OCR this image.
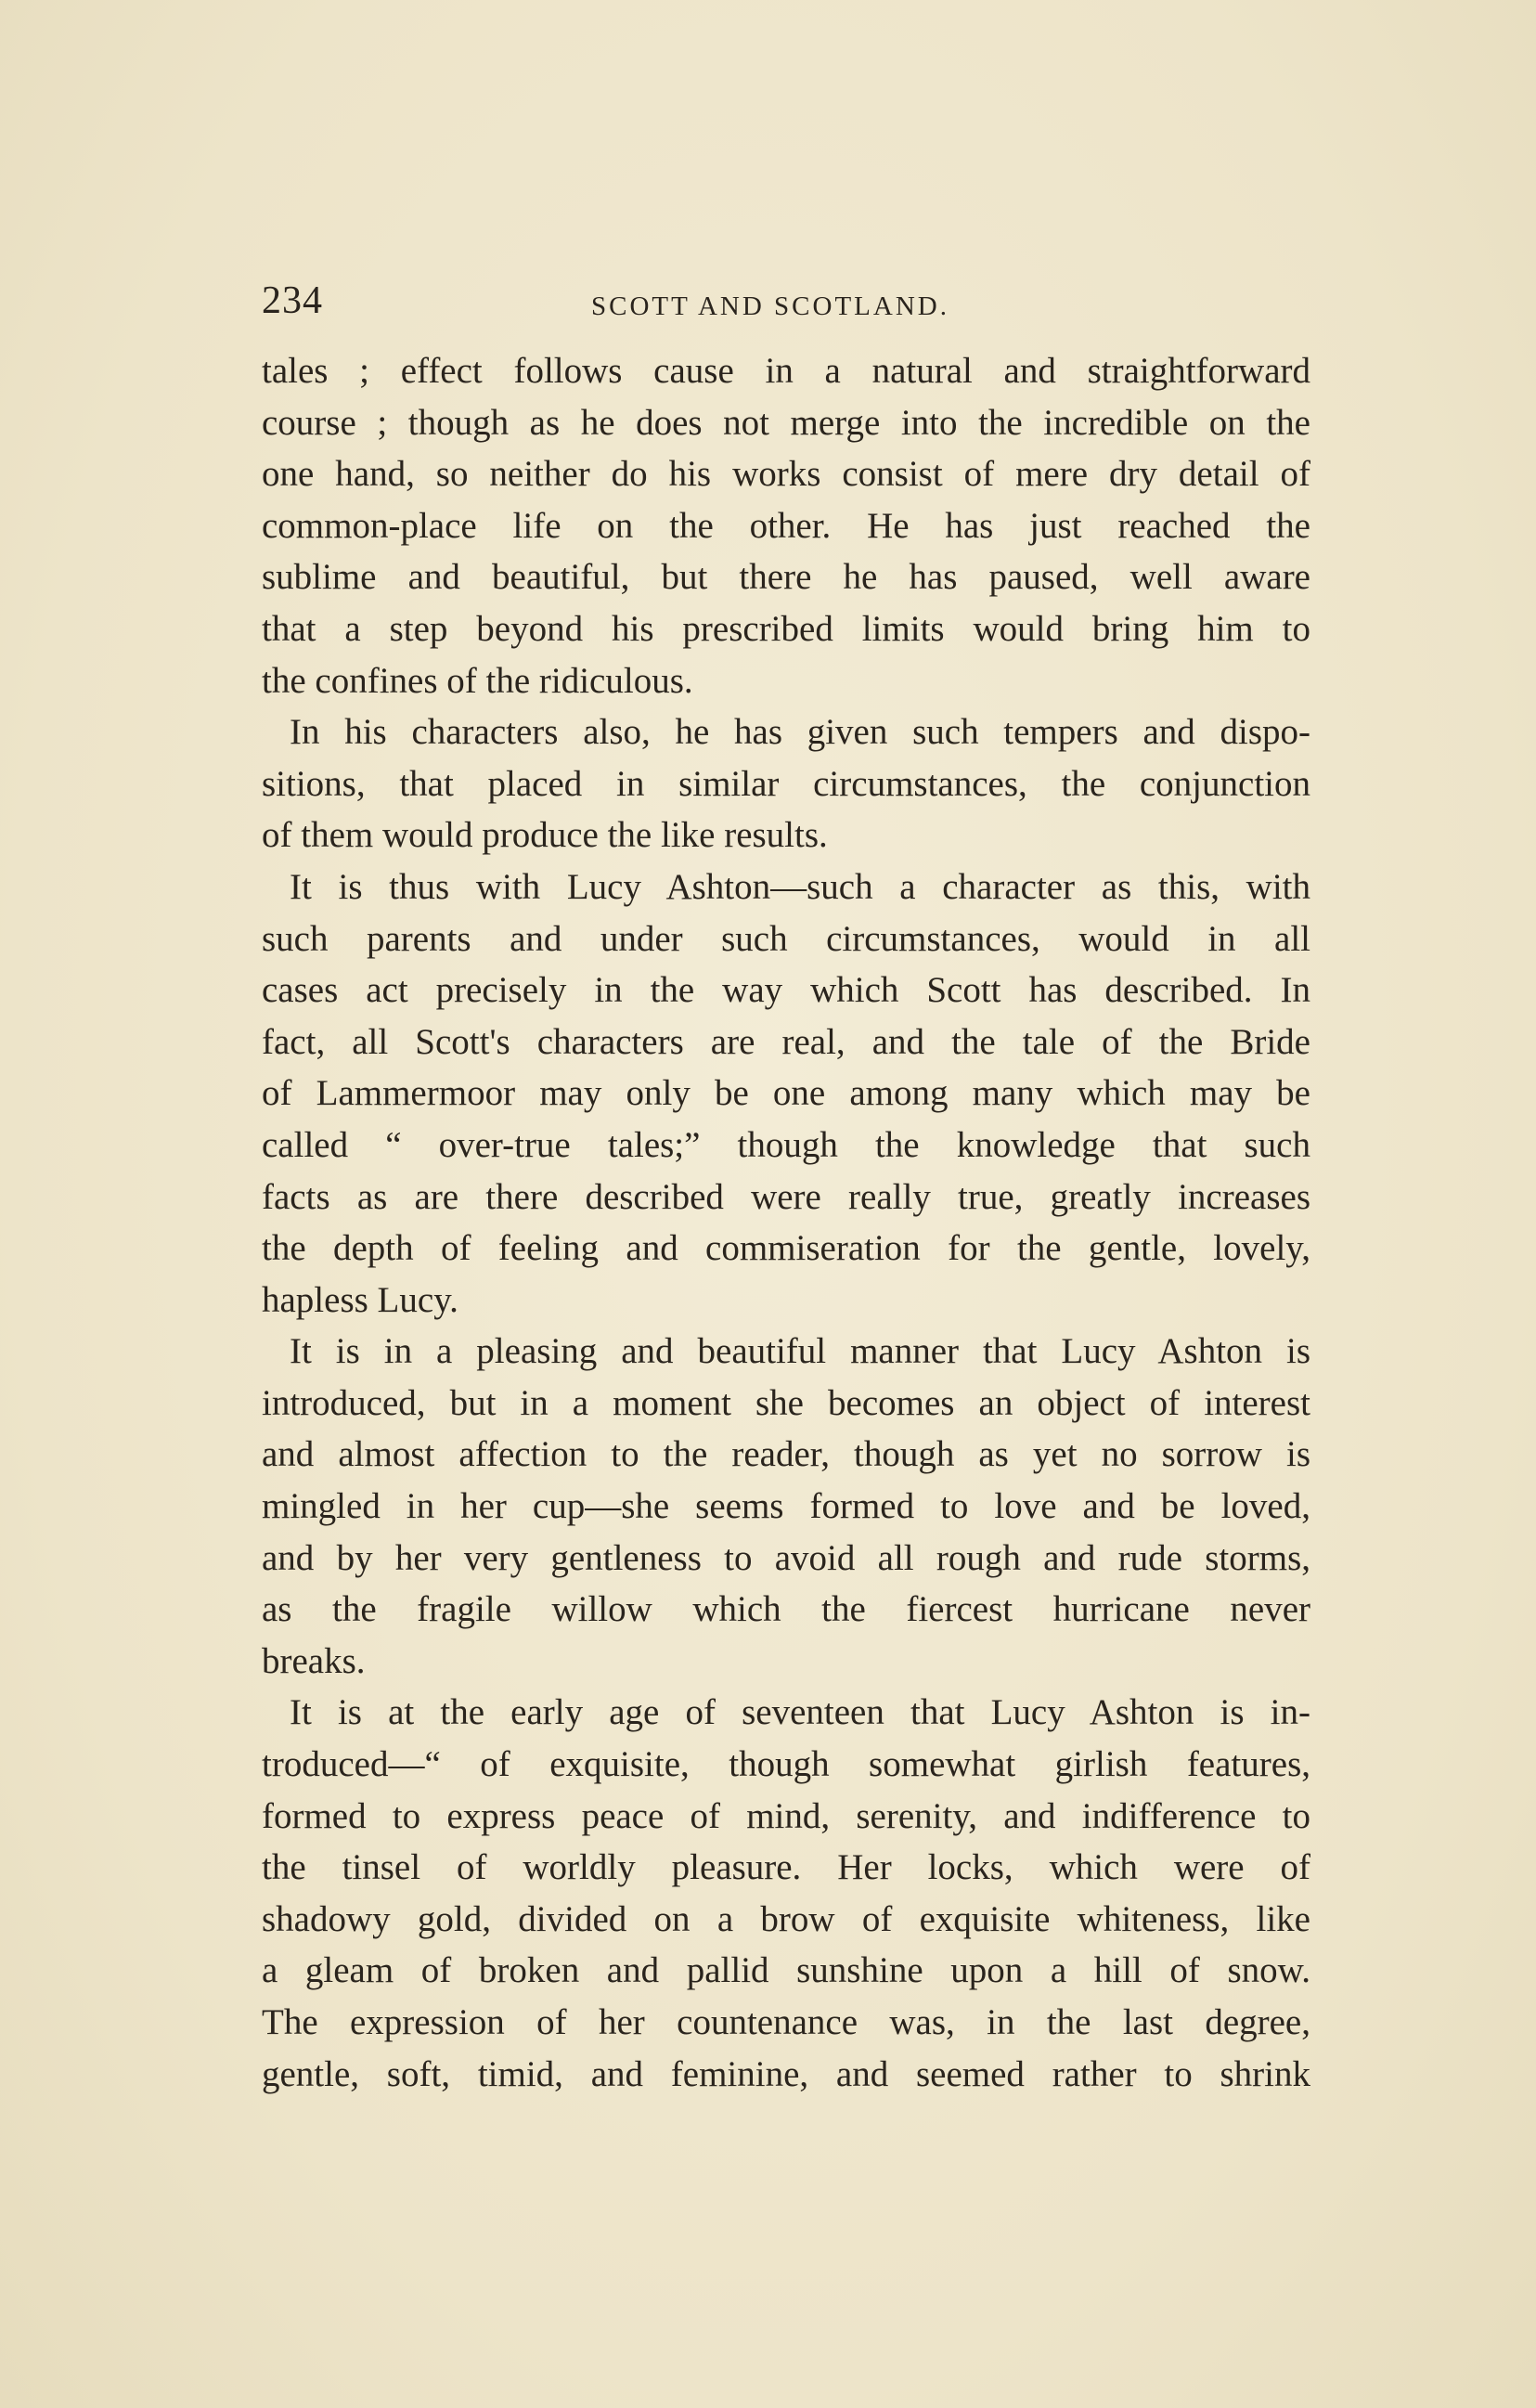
234	SCOTT AND SCOTLAND.
tales ; effect follows cause in a natural and straightforward
course ; though as he does not merge into the incredible on the
one hand, so neither do his works consist of mere dry detail of
common-place life on the other. He has just reached the
sublime and beautiful, but there he has paused, well aware
that a step beyond his prescribed limits would bring him to
the confines of the ridiculous.
In his characters also, he has given such tempers and dispo-
sitions, that placed in similar circumstances, the conjunction
of them would produce the like results.
It is thus with Lucy Ashton—such a character as this, with
such parents and under such circumstances, would in all
cases act precisely in the way which Scott has described. In
fact, all Scott's characters are real, and the tale of the Bride
of Lammermoor may only be one among many which may be
called “ over-true tales;” though the knowledge that such
facts as are there described were really true, greatly increases
the depth of feeling and commiseration for the gentle, lovely,
hapless Lucy.
It is in a pleasing and beautiful manner that Lucy Ashton is
introduced, but in a moment she becomes an object of interest
and almost affection to the reader, though as yet no sorrow is
mingled in her cup—she seems formed to love and be loved,
and by her very gentleness to avoid all rough and rude storms,
as the fragile willow which the fiercest hurricane never
breaks.
It is at the early age of seventeen that Lucy Ashton is in-
troduced—“ of exquisite, though somewhat girlish features,
formed to express peace of mind, serenity, and indifference to
the tinsel of worldly pleasure. Her locks, which were of
shadowy gold, divided on a brow of exquisite whiteness, like
a gleam of broken and pallid sunshine upon a hill of snow.
The expression of her countenance was, in the last degree,
gentle, soft, timid, and feminine, and seemed rather to shrink
